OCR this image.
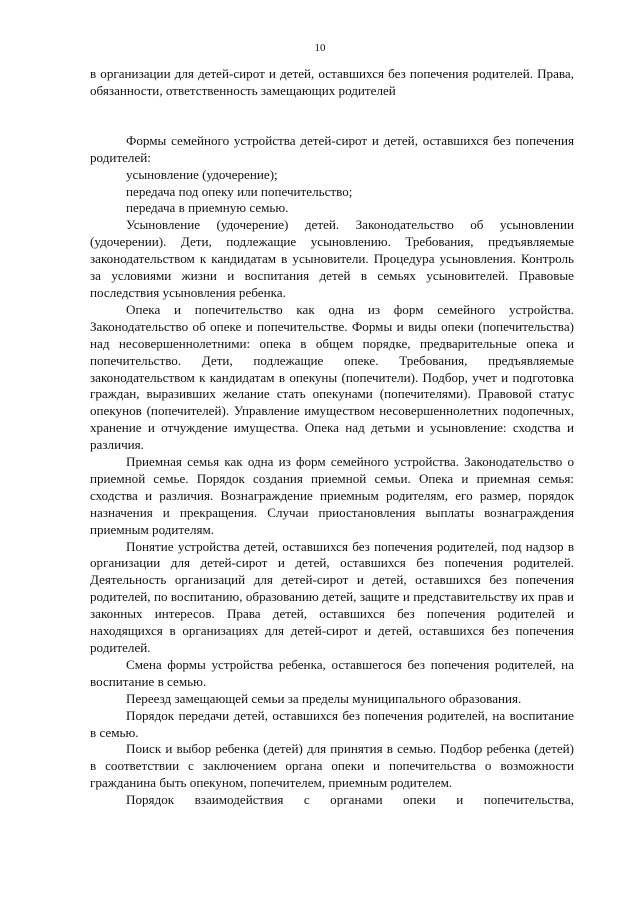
10

в организации для детей-сирот и детей, оставшихся без попечения родителей. Права, обязанности, ответственность замещающих родителей

Формы семейного устройства детей-сирот и детей, оставшихся без попечения родителей:

усыновление (удочерение);

передача под опеку или попечительство;

передача в приемную семью.

Усыновление (удочерение) детей. Законодательство об усыновлении (удочерении). Дети, подлежащие усыновлению. Требования, предъявляемые законодательством к кандидатам в усыновители. Процедура усыновления. Контроль за условиями жизни и воспитания детей в семьях усыновителей. Правовые последствия усыновления ребенка.

Опека и попечительство как одна из форм семейного устройства. Законодательство об опеке и попечительстве. Формы и виды опеки (попечительства) над несовершеннолетними: опека в общем порядке, предварительные опека и попечительство. Дети, подлежащие опеке. Требования, предъявляемые законодательством к кандидатам в опекуны (попечители). Подбор, учет и подготовка граждан, выразивших желание стать опекунами (попечителями). Правовой статус опекунов (попечителей). Управление имуществом несовершеннолетних подопечных, хранение и отчуждение имущества. Опека над детьми и усыновление: сходства и различия.

Приемная семья как одна из форм семейного устройства. Законодательство о приемной семье. Порядок создания приемной семьи. Опека и приемная семья: сходства и различия. Вознаграждение приемным родителям, его размер, порядок назначения и прекращения. Случаи приостановления выплаты вознаграждения приемным родителям.

Понятие устройства детей, оставшихся без попечения родителей, под надзор в организации для детей-сирот и детей, оставшихся без попечения родителей. Деятельность организаций для детей-сирот и детей, оставшихся без попечения родителей, по воспитанию, образованию детей, защите и представительству их прав и законных интересов. Права детей, оставшихся без попечения родителей и находящихся в организациях для детей-сирот и детей, оставшихся без попечения родителей.

Смена формы устройства ребенка, оставшегося без попечения родителей, на воспитание в семью.

Переезд замещающей семьи за пределы муниципального образования.

Порядок передачи детей, оставшихся без попечения родителей, на воспитание в семью.

Поиск и выбор ребенка (детей) для принятия в семью. Подбор ребенка (детей) в соответствии с заключением органа опеки и попечительства о возможности гражданина быть опекуном, попечителем, приемным родителем.

Порядок взаимодействия с органами опеки и попечительства,
